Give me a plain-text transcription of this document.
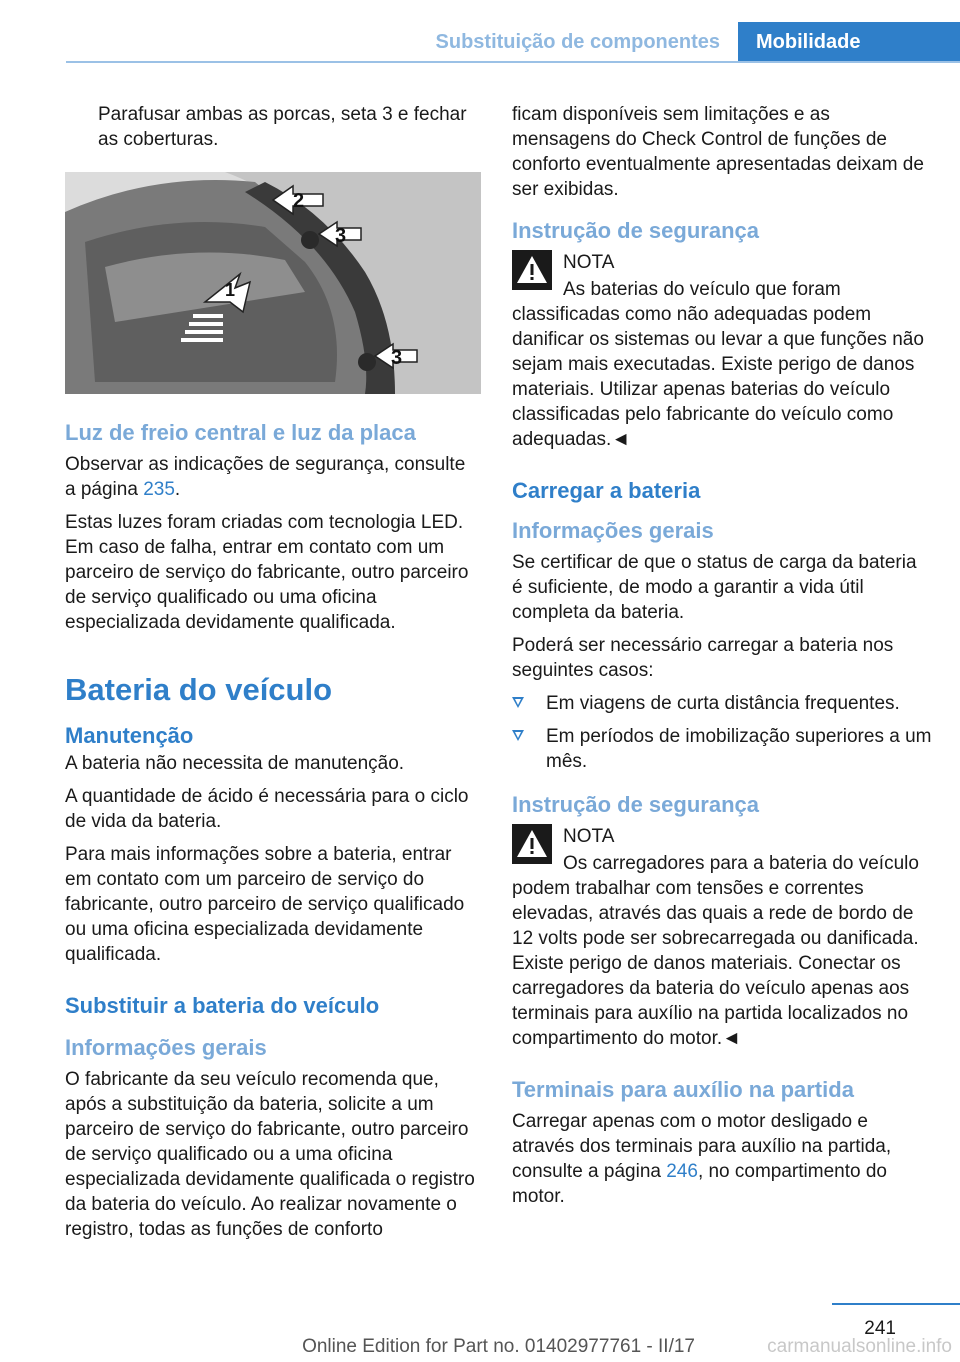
Substituição de componentes	Mobilidade

Parafusar ambas as porcas, seta 3 e fechar as coberturas.

2
3
1
3
Luz de freio central e luz da placa

Observar as indicações de segurança, consulte a página 235.

Estas luzes foram criadas com tecnologia LED. Em caso de falha, entrar em contato com um parceiro de serviço do fabricante, outro parceiro de serviço qualificado ou uma oficina especializada devidamente qualificada.

Bateria do veículo
Manutenção

A bateria não necessita de manutenção.

A quantidade de ácido é necessária para o ciclo de vida da bateria.

Para mais informações sobre a bateria, entrar em contato com um parceiro de serviço do fabricante, outro parceiro de serviço qualificado ou uma oficina especializada devidamente qualificada.

Substituir a bateria do veículo
Informações gerais

O fabricante da seu veículo recomenda que, após a substituição da bateria, solicite a um parceiro de serviço do fabricante, outro parceiro de serviço qualificado ou a uma oficina especializada devidamente qualificada o registro da bateria do veículo. Ao realizar novamente o registro, todas as funções de conforto

ficam disponíveis sem limitações e as mensagens do Check Control de funções de conforto eventualmente apresentadas deixam de ser exibidas.

Instrução de segurança

NOTA

As baterias do veículo que foram classificadas como não adequadas podem danificar os sistemas ou levar a que funções não sejam mais executadas. Existe perigo de danos materiais. Utilizar apenas baterias do veículo classificadas pelo fabricante do veículo como adequadas.◄

Carregar a bateria
Informações gerais

Se certificar de que o status de carga da bateria é suficiente, de modo a garantir a vida útil completa da bateria.

Poderá ser necessário carregar a bateria nos seguintes casos:

Em viagens de curta distância frequentes.
Em períodos de imobilização superiores a um mês.
Instrução de segurança

NOTA

Os carregadores para a bateria do veículo podem trabalhar com tensões e correntes elevadas, através das quais a rede de bordo de 12 volts pode ser sobrecarregada ou danificada. Existe perigo de danos materiais. Conectar os carregadores da bateria do veículo apenas aos terminais para auxílio na partida localizados no compartimento do motor.◄

Terminais para auxílio na partida

Carregar apenas com o motor desligado e através dos terminais para auxílio na partida, consulte a página 246, no compartimento do motor.

241
Online Edition for Part no. 01402977761 - II/17	carmanualsonline.info
